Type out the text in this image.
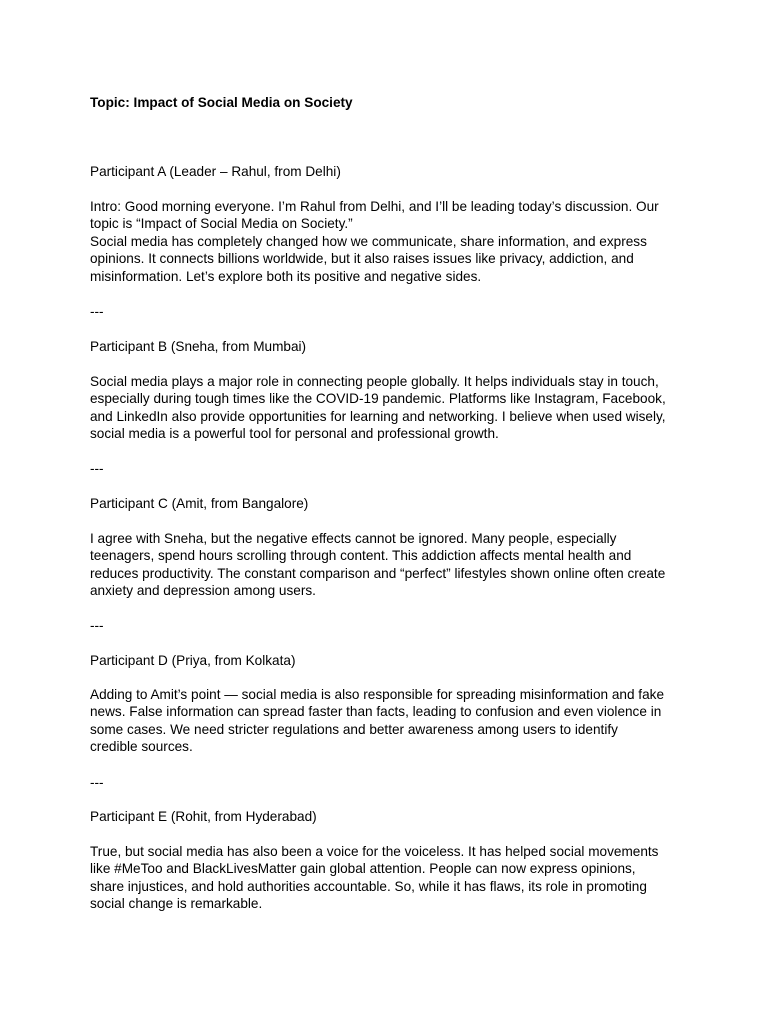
Topic: Impact of Social Media on Society
Participant A (Leader – Rahul, from Delhi)
Intro: Good morning everyone. I’m Rahul from Delhi, and I’ll be leading today’s discussion. Our
topic is “Impact of Social Media on Society.”
Social media has completely changed how we communicate, share information, and express
opinions. It connects billions worldwide, but it also raises issues like privacy, addiction, and
misinformation. Let’s explore both its positive and negative sides.
---
Participant B (Sneha, from Mumbai)
Social media plays a major role in connecting people globally. It helps individuals stay in touch,
especially during tough times like the COVID-19 pandemic. Platforms like Instagram, Facebook,
and LinkedIn also provide opportunities for learning and networking. I believe when used wisely,
social media is a powerful tool for personal and professional growth.
---
Participant C (Amit, from Bangalore)
I agree with Sneha, but the negative effects cannot be ignored. Many people, especially
teenagers, spend hours scrolling through content. This addiction affects mental health and
reduces productivity. The constant comparison and “perfect” lifestyles shown online often create
anxiety and depression among users.
---
Participant D (Priya, from Kolkata)
Adding to Amit’s point — social media is also responsible for spreading misinformation and fake
news. False information can spread faster than facts, leading to confusion and even violence in
some cases. We need stricter regulations and better awareness among users to identify
credible sources.
---
Participant E (Rohit, from Hyderabad)
True, but social media has also been a voice for the voiceless. It has helped social movements
like #MeToo and BlackLivesMatter gain global attention. People can now express opinions,
share injustices, and hold authorities accountable. So, while it has flaws, its role in promoting
social change is remarkable.
